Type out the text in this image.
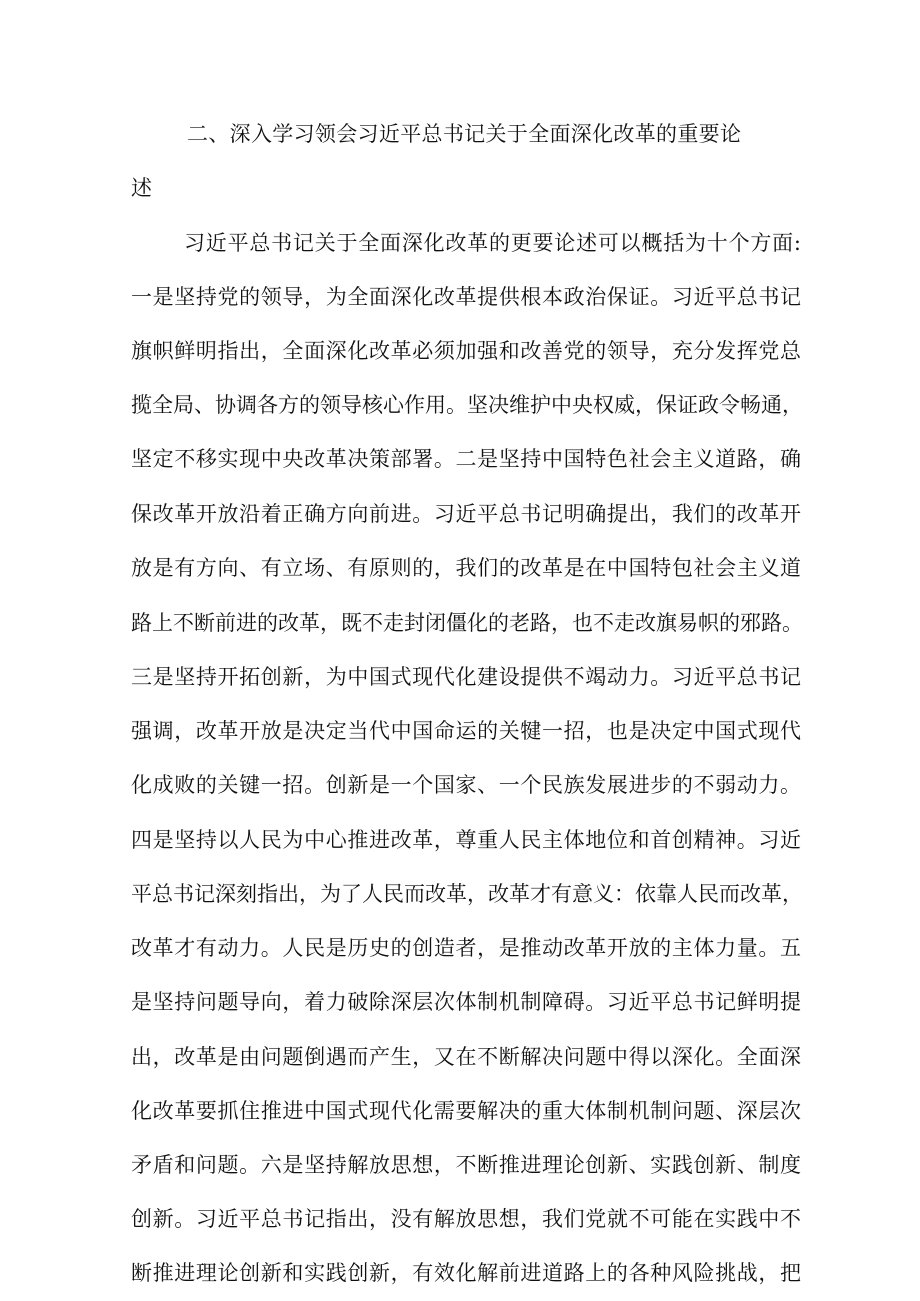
二、深入学习领会习近平总书记关于全面深化改革的重要论
述
习近平总书记关于全面深化改革的更要论述可以概括为十个方面:
一是坚持党的领导，为全面深化改革提供根本政治保证。习近平总书记
旗帜鲜明指出，全面深化改革必须加强和改善党的领导，充分发挥党总
揽全局、协调各方的领导核心作用。坚决维护中央权威，保证政令畅通，
坚定不移实现中央改革决策部署。二是坚持中国特色社会主义道路，确
保改革开放沿着正确方向前进。习近平总书记明确提出，我们的改革开
放是有方向、有立场、有原则的，我们的改革是在中国特包社会主义道
路上不断前进的改革，既不走封闭僵化的老路，也不走改旗易帜的邪路。
三是坚持开拓创新，为中国式现代化建设提供不竭动力。习近平总书记
强调，改革开放是决定当代中国命运的关犍一招，也是决定中国式现代
化成败的关键一招。创新是一个国家、一个民族发展进步的不弱动力。
四是坚持以人民为中心推进改革，尊重人民主体地位和首创精神。习近
平总书记深刻指出，为了人民而改革，改革才有意义：依靠人民而改革，
改革才有动力。人民是历史的创造者，是推动改革开放的主体力量。五
是坚持问题导向，着力破除深层次体制机制障碍。习近平总书记鲜明提
出，改革是由问题倒遇而产生，又在不断解决问题中得以深化。全面深
化改革要抓住推进中国式现代化需要解决的重大体制机制问题、深层次
矛盾和问题。六是坚持解放思想，不断推进理论创新、实践创新、制度
创新。习近平总书记指出，没有解放思想，我们党就不可能在实践中不
断推进理论创新和实践创新，有效化解前进道路上的各种风险挑战，把
